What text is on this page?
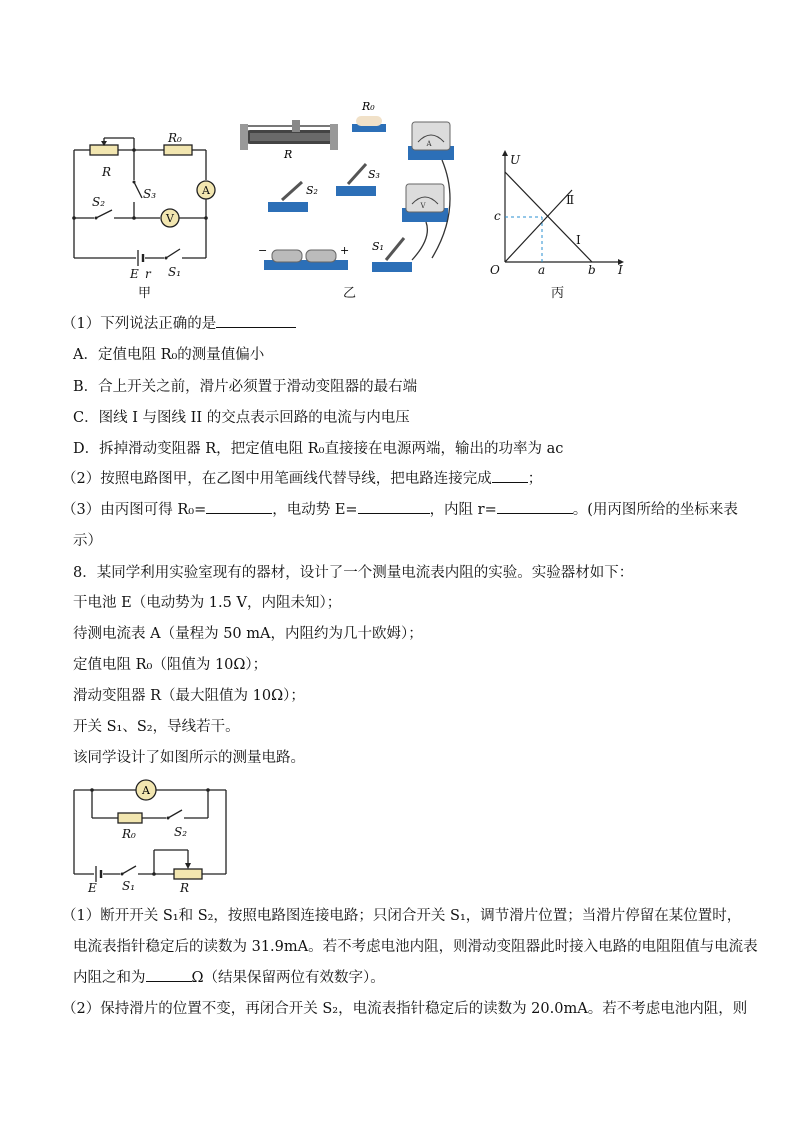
R
R₀
S₃
S₂
E r S₁
A
V
甲
R
R₀
A
V
S₂
S₃
S₁
−	+
乙
U
I
O
c
a	b
Ⅱ
I
丙
（1）下列说法正确的是
A．定值电阻 R₀的测量值偏小
B．合上开关之前，滑片必须置于滑动变阻器的最右端
C．图线 I 与图线 II 的交点表示回路的电流与内电压
D．拆掉滑动变阻器 R，把定值电阻 R₀直接接在电源两端，输出的功率为 ac
（2）按照电路图甲，在乙图中用笔画线代替导线，把电路连接完成 ；
（3）由丙图可得 R₀=	，电动势 E=	，内阻 r=	。(用丙图所给的坐标来表
示）
8．某同学利用实验室现有的器材，设计了一个测量电流表内阻的实验。实验器材如下：
干电池 E（电动势为 1.5 V，内阻未知）；
待测电流表 A（量程为 50 mA，内阻约为几十欧姆）；
定值电阻 R₀（阻值为 10Ω）；
滑动变阻器 R（最大阻值为 10Ω）；
开关 S₁、S₂，导线若干。
该同学设计了如图所示的测量电路。
A
R₀	S₂
E S₁	R
（1）断开开关 S₁和 S₂，按照电路图连接电路；只闭合开关 S₁，调节滑片位置；当滑片停留在某位置时，
电流表指针稳定后的读数为 31.9mA。若不考虑电池内阻，则滑动变阻器此时接入电路的电阻阻值与电流表
内阻之和为	Ω（结果保留两位有效数字）。
（2）保持滑片的位置不变，再闭合开关 S₂，电流表指针稳定后的读数为 20.0mA。若不考虑电池内阻，则
